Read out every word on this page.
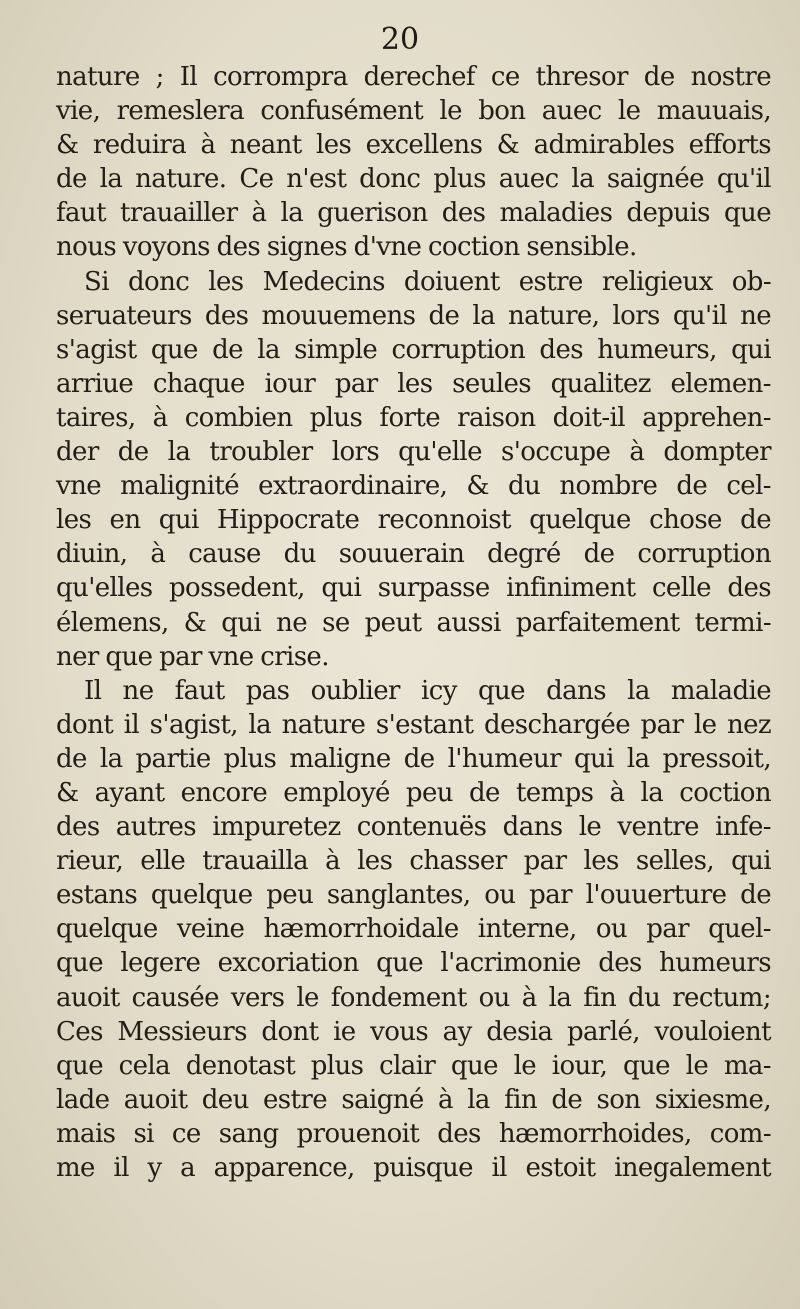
20
nature ; Il corrompra derechef ce thresor de nostre
vie, remeslera confusément le bon auec le mauuais,
& reduira à neant les excellens & admirables efforts
de la nature. Ce n'est donc plus auec la saignée qu'il
faut trauailler à la guerison des maladies depuis que
nous voyons des signes d'vne coction sensible.
Si donc les Medecins doiuent estre religieux ob-
seruateurs des mouuemens de la nature, lors qu'il ne
s'agist que de la simple corruption des humeurs, qui
arriue chaque iour par les seules qualitez elemen-
taires, à combien plus forte raison doit-il apprehen-
der de la troubler lors qu'elle s'occupe à dompter
vne malignité extraordinaire, & du nombre de cel-
les en qui Hippocrate reconnoist quelque chose de
diuin, à cause du souuerain degré de corruption
qu'elles possedent, qui surpasse infiniment celle des
élemens, & qui ne se peut aussi parfaitement termi-
ner que par vne crise.
Il ne faut pas oublier icy que dans la maladie
dont il s'agist, la nature s'estant deschargée par le nez
de la partie plus maligne de l'humeur qui la pressoit,
& ayant encore employé peu de temps à la coction
des autres impuretez contenuës dans le ventre infe-
rieur, elle trauailla à les chasser par les selles, qui
estans quelque peu sanglantes, ou par l'ouuerture de
quelque veine hæmorrhoidale interne, ou par quel-
que legere excoriation que l'acrimonie des humeurs
auoit causée vers le fondement ou à la fin du rectum;
Ces Messieurs dont ie vous ay desia parlé, vouloient
que cela denotast plus clair que le iour, que le ma-
lade auoit deu estre saigné à la fin de son sixiesme,
mais si ce sang prouenoit des hæmorrhoides, com-
me il y a apparence, puisque il estoit inegalement
